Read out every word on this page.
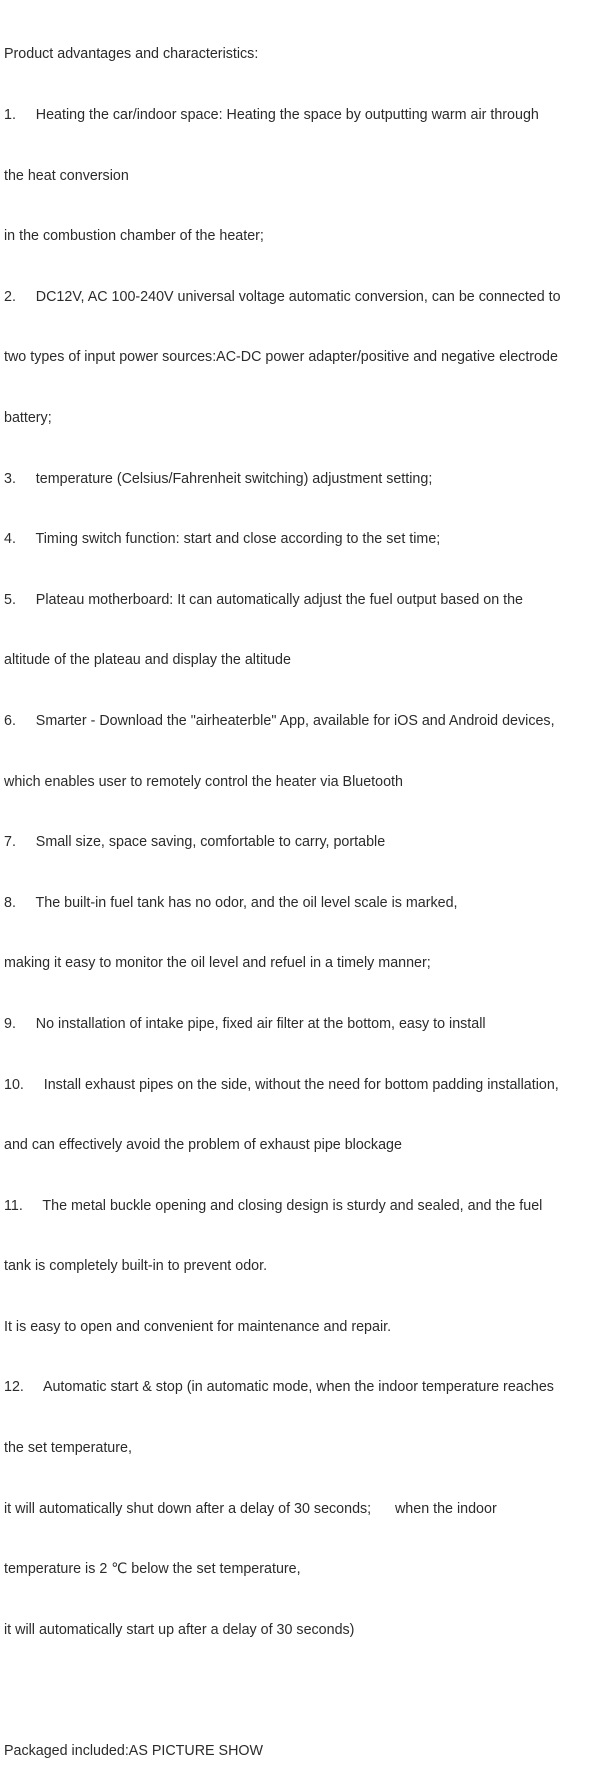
Product advantages and characteristics:

1.     Heating the car/indoor space: Heating the space by outputting warm air through

the heat conversion

in the combustion chamber of the heater;

2.     DC12V, AC 100-240V universal voltage automatic conversion, can be connected to

two types of input power sources:AC-DC power adapter/positive and negative electrode

battery;

3.     temperature (Celsius/Fahrenheit switching) adjustment setting;

4.     Timing switch function: start and close according to the set time;

5.     Plateau motherboard: It can automatically adjust the fuel output based on the

altitude of the plateau and display the altitude

6.     Smarter - Download the "airheaterble" App, available for iOS and Android devices,

which enables user to remotely control the heater via Bluetooth

7.     Small size, space saving, comfortable to carry, portable

8.     The built-in fuel tank has no odor, and the oil level scale is marked,

making it easy to monitor the oil level and refuel in a timely manner;

9.     No installation of intake pipe, fixed air filter at the bottom, easy to install

10.     Install exhaust pipes on the side, without the need for bottom padding installation,

and can effectively avoid the problem of exhaust pipe blockage

11.     The metal buckle opening and closing design is sturdy and sealed, and the fuel

tank is completely built-in to prevent odor.

It is easy to open and convenient for maintenance and repair.

12.     Automatic start & stop (in automatic mode, when the indoor temperature reaches

the set temperature,

it will automatically shut down after a delay of 30 seconds;      when the indoor

temperature is 2 ℃ below the set temperature,

it will automatically start up after a delay of 30 seconds)

Packaged included:AS PICTURE SHOW
